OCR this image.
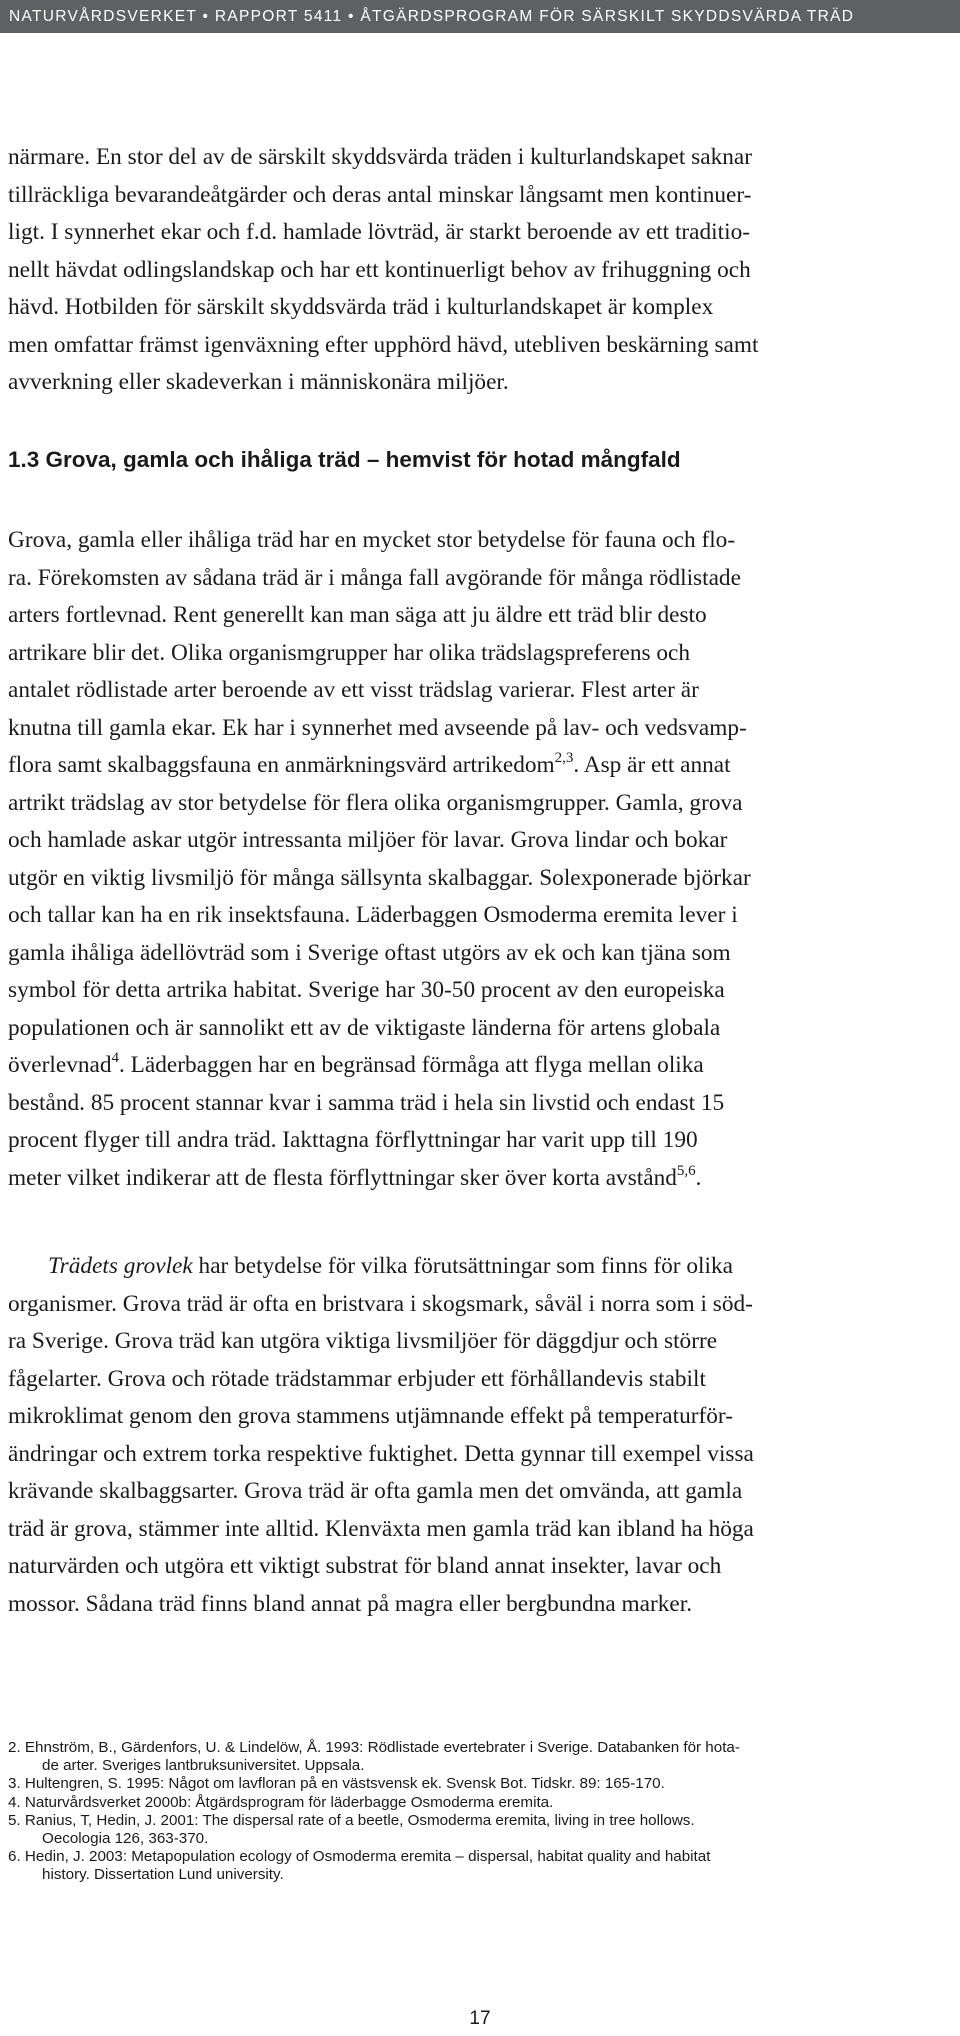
NATURVÅRDSVERKET • RAPPORT 5411 • ÅTGÄRDSPROGRAM FÖR SÄRSKILT SKYDDSVÄRDA TRÄD
närmare. En stor del av de särskilt skyddsvärda träden i kulturlandskapet saknar
tillräckliga bevarandeåtgärder och deras antal minskar långsamt men kontinuer-
ligt. I synnerhet ekar och f.d. hamlade lövträd, är starkt beroende av ett traditio-
nellt hävdat odlingslandskap och har ett kontinuerligt behov av frihuggning och
hävd. Hotbilden för särskilt skyddsvärda träd i kulturlandskapet är komplex
men omfattar främst igenväxning efter upphörd hävd, utebliven beskärning samt
avverkning eller skadeverkan i människonära miljöer.
1.3 Grova, gamla och ihåliga träd – hemvist för hotad mångfald
Grova, gamla eller ihåliga träd har en mycket stor betydelse för fauna och flo-
ra. Förekomsten av sådana träd är i många fall avgörande för många rödlistade
arters fortlevnad. Rent generellt kan man säga att ju äldre ett träd blir desto
artrikare blir det. Olika organismgrupper har olika trädslagspreferens och
antalet rödlistade arter beroende av ett visst trädslag varierar. Flest arter är
knutna till gamla ekar. Ek har i synnerhet med avseende på lav- och vedsvamp-
flora samt skalbaggsfauna en anmärkningsvärd artrikedom$^{2,3}$. Asp är ett annat
artrikt trädslag av stor betydelse för flera olika organismgrupper. Gamla, grova
och hamlade askar utgör intressanta miljöer för lavar. Grova lindar och bokar
utgör en viktig livsmiljö för många sällsynta skalbaggar. Solexponerade björkar
och tallar kan ha en rik insektsfauna. Läderbaggen Osmoderma eremita lever i
gamla ihåliga ädellövträd som i Sverige oftast utgörs av ek och kan tjäna som
symbol för detta artrika habitat. Sverige har 30-50 procent av den europeiska
populationen och är sannolikt ett av de viktigaste länderna för artens globala
överlevnad$^4$. Läderbaggen har en begränsad förmåga att flyga mellan olika
bestånd. 85 procent stannar kvar i samma träd i hela sin livstid och endast 15
procent flyger till andra träd. Iakttagna förflyttningar har varit upp till 190
meter vilket indikerar att de flesta förflyttningar sker över korta avstånd$^{5,6}$.
Trädets grovlek har betydelse för vilka förutsättningar som finns för olika
organismer. Grova träd är ofta en bristvara i skogsmark, såväl i norra som i söd-
ra Sverige. Grova träd kan utgöra viktiga livsmiljöer för däggdjur och större
fågelarter. Grova och rötade trädstammar erbjuder ett förhållandevis stabilt
mikroklimat genom den grova stammens utjämnande effekt på temperaturför-
ändringar och extrem torka respektive fuktighet. Detta gynnar till exempel vissa
krävande skalbaggsarter. Grova träd är ofta gamla men det omvända, att gamla
träd är grova, stämmer inte alltid. Klenväxta men gamla träd kan ibland ha höga
naturvärden och utgöra ett viktigt substrat för bland annat insekter, lavar och
mossor. Sådana träd finns bland annat på magra eller bergbundna marker.
2. Ehnström, B., Gärdenfors, U. & Lindelöw, Å. 1993: Rödlistade evertebrater i Sverige. Databanken för hota-
de arter. Sveriges lantbruksuniversitet. Uppsala.
3. Hultengren, S. 1995: Något om lavfloran på en västsvensk ek. Svensk Bot. Tidskr. 89: 165-170.
4. Naturvårdsverket 2000b: Åtgärdsprogram för läderbagge Osmoderma eremita.
5. Ranius, T, Hedin, J. 2001: The dispersal rate of a beetle, Osmoderma eremita, living in tree hollows.
Oecologia 126, 363-370.
6. Hedin, J. 2003: Metapopulation ecology of Osmoderma eremita – dispersal, habitat quality and habitat
history. Dissertation Lund university.
17
